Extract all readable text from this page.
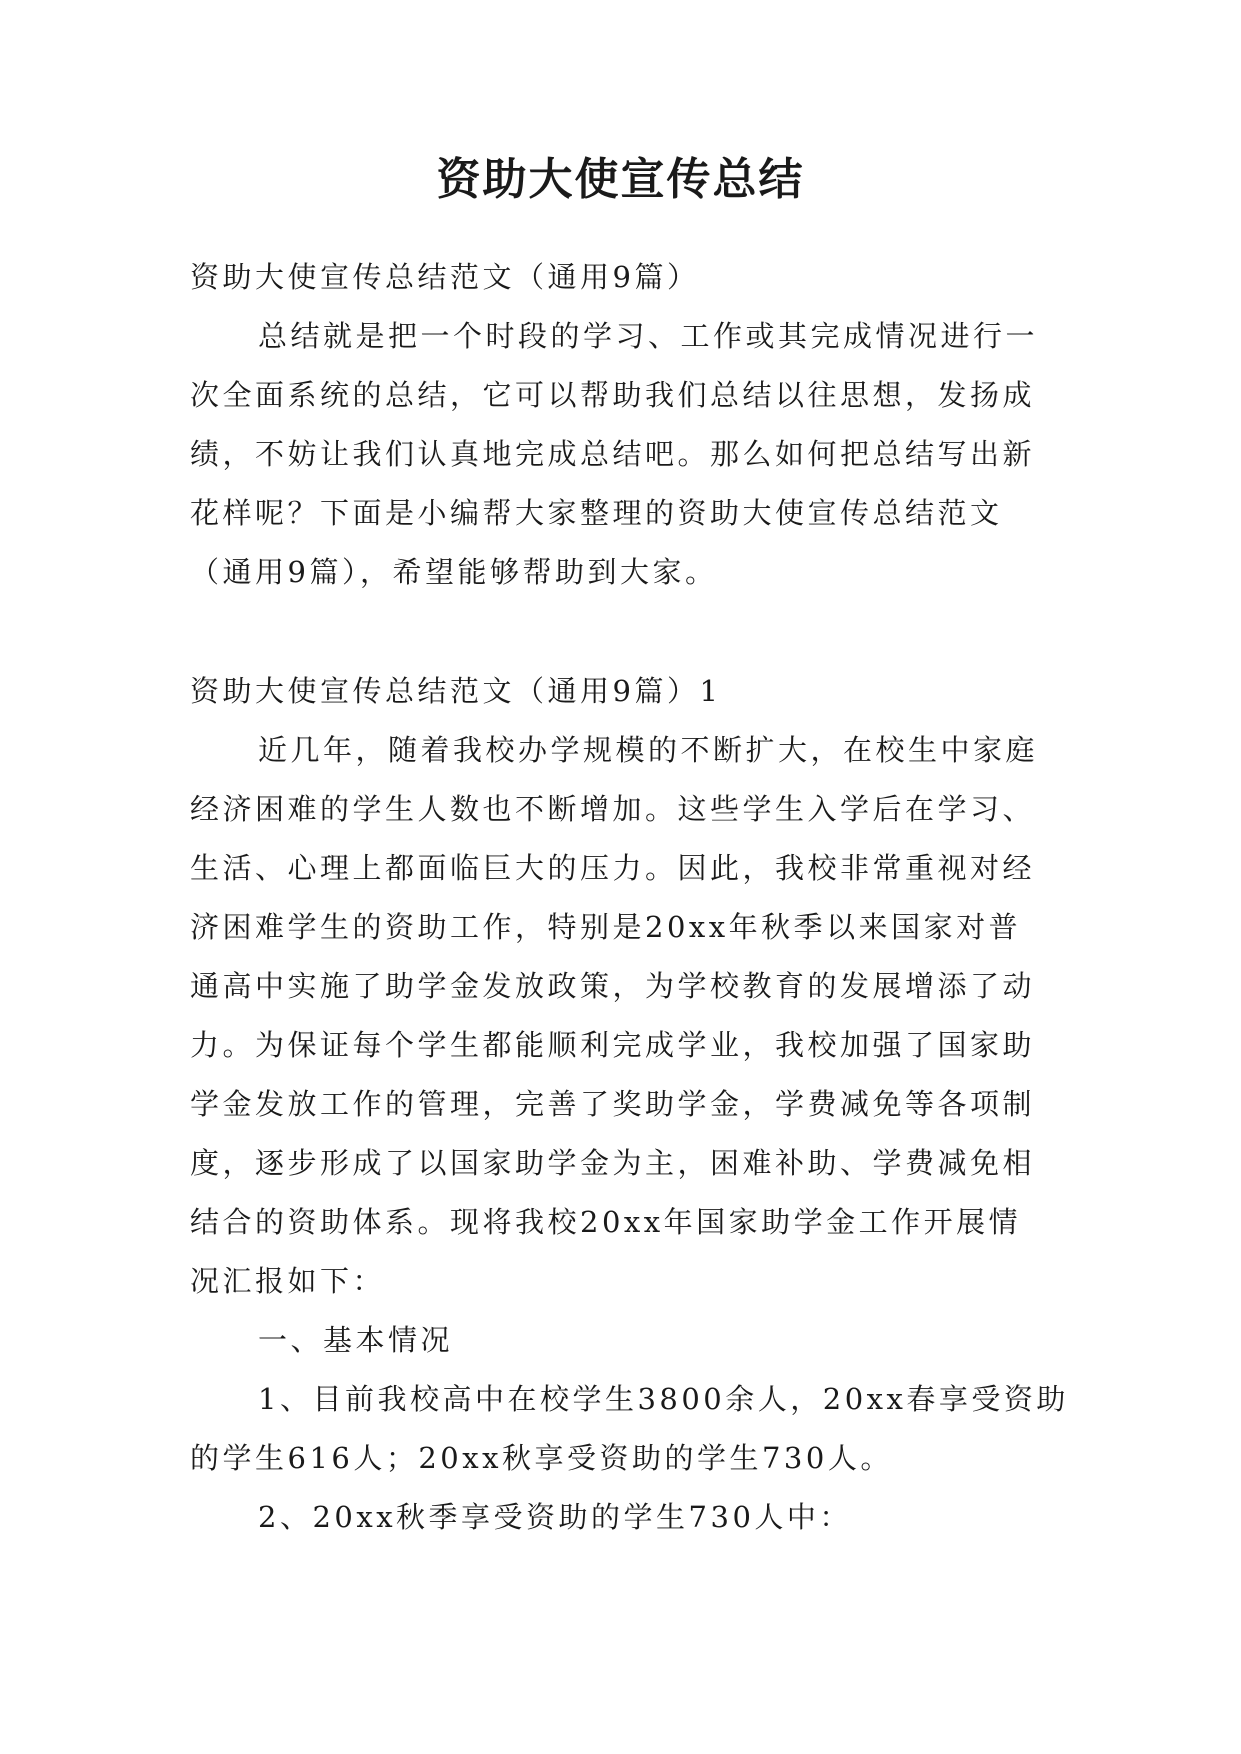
资助大使宣传总结

资助大使宣传总结范文（通用9篇）

总结就是把一个时段的学习、工作或其完成情况进行一

次全面系统的总结，它可以帮助我们总结以往思想，发扬成

绩，不妨让我们认真地完成总结吧。那么如何把总结写出新

花样呢？下面是小编帮大家整理的资助大使宣传总结范文

（通用9篇），希望能够帮助到大家。

资助大使宣传总结范文（通用9篇）1

近几年，随着我校办学规模的不断扩大，在校生中家庭

经济困难的学生人数也不断增加。这些学生入学后在学习、

生活、心理上都面临巨大的压力。因此，我校非常重视对经

济困难学生的资助工作，特别是20xx年秋季以来国家对普

通高中实施了助学金发放政策，为学校教育的发展增添了动

力。为保证每个学生都能顺利完成学业，我校加强了国家助

学金发放工作的管理，完善了奖助学金，学费减免等各项制

度，逐步形成了以国家助学金为主，困难补助、学费减免相

结合的资助体系。现将我校20xx年国家助学金工作开展情

况汇报如下：

一、基本情况

1、目前我校高中在校学生3800余人，20xx春享受资助

的学生616人；20xx秋享受资助的学生730人。

2、20xx秋季享受资助的学生730人中：
